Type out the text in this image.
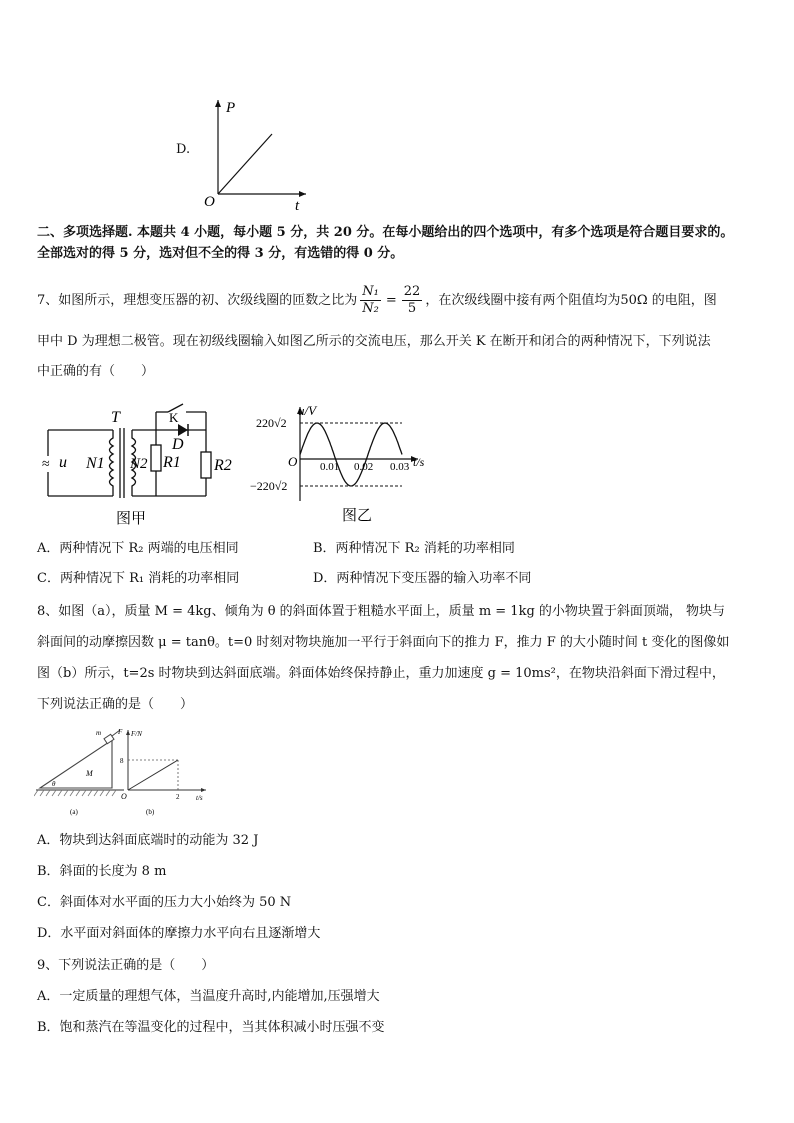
D.
P
t
O
二、多项选择题. 本题共 4 小题，每小题 5 分，共 20 分。在每小题给出的四个选项中，有多个选项是符合题目要求的。
全部选对的得 5 分，选对但不全的得 3 分，有选错的得 0 分。
7、如图所示，理想变压器的初、次级线圈的匝数之比为 $\frac{\text{N₁}}{\text{N₂}} = \frac{22}{5}$ ，在次级线圈中接有两个阻值均为50Ω 的电阻，图
甲中 D 为理想二极管。现在初级线圈输入如图乙所示的交流电压，那么开关 K 在断开和闭合的两种情况下，下列说法
中正确的有（　　）
≈ u N1
T
N2 R1
K
D
R2
图甲
u/V
220√2
−220√2
O 0.01 0.02 0.03 t/s
图乙
A．两种情况下 R₂ 两端的电压相同	B．两种情况下 R₂ 消耗的功率相同
C．两种情况下 R₁ 消耗的功率相同	D．两种情况下变压器的输入功率不同
8、如图（a），质量 M = 4kg、倾角为 θ 的斜面体置于粗糙水平面上，质量 m = 1kg 的小物块置于斜面顶端， 物块与
斜面间的动摩擦因数 μ = tanθ。t=0 时刻对物块施加一平行于斜面向下的推力 F，推力 F 的大小随时间 t 变化的图像如
图（b）所示，t=2s 时物块到达斜面底端。斜面体始终保持静止，重力加速度 g = 10ms²，在物块沿斜面下滑过程中，
下列说法正确的是（　　）
m F
M
θ
(a)
F/N
8
O	2 t/s
(b)
A．物块到达斜面底端时的动能为 32 J
B．斜面的长度为 8 m
C．斜面体对水平面的压力大小始终为 50 N
D．水平面对斜面体的摩擦力水平向右且逐渐增大
9、下列说法正确的是（　　）
A．一定质量的理想气体，当温度升高时,内能增加,压强增大
B．饱和蒸汽在等温变化的过程中，当其体积减小时压强不变
